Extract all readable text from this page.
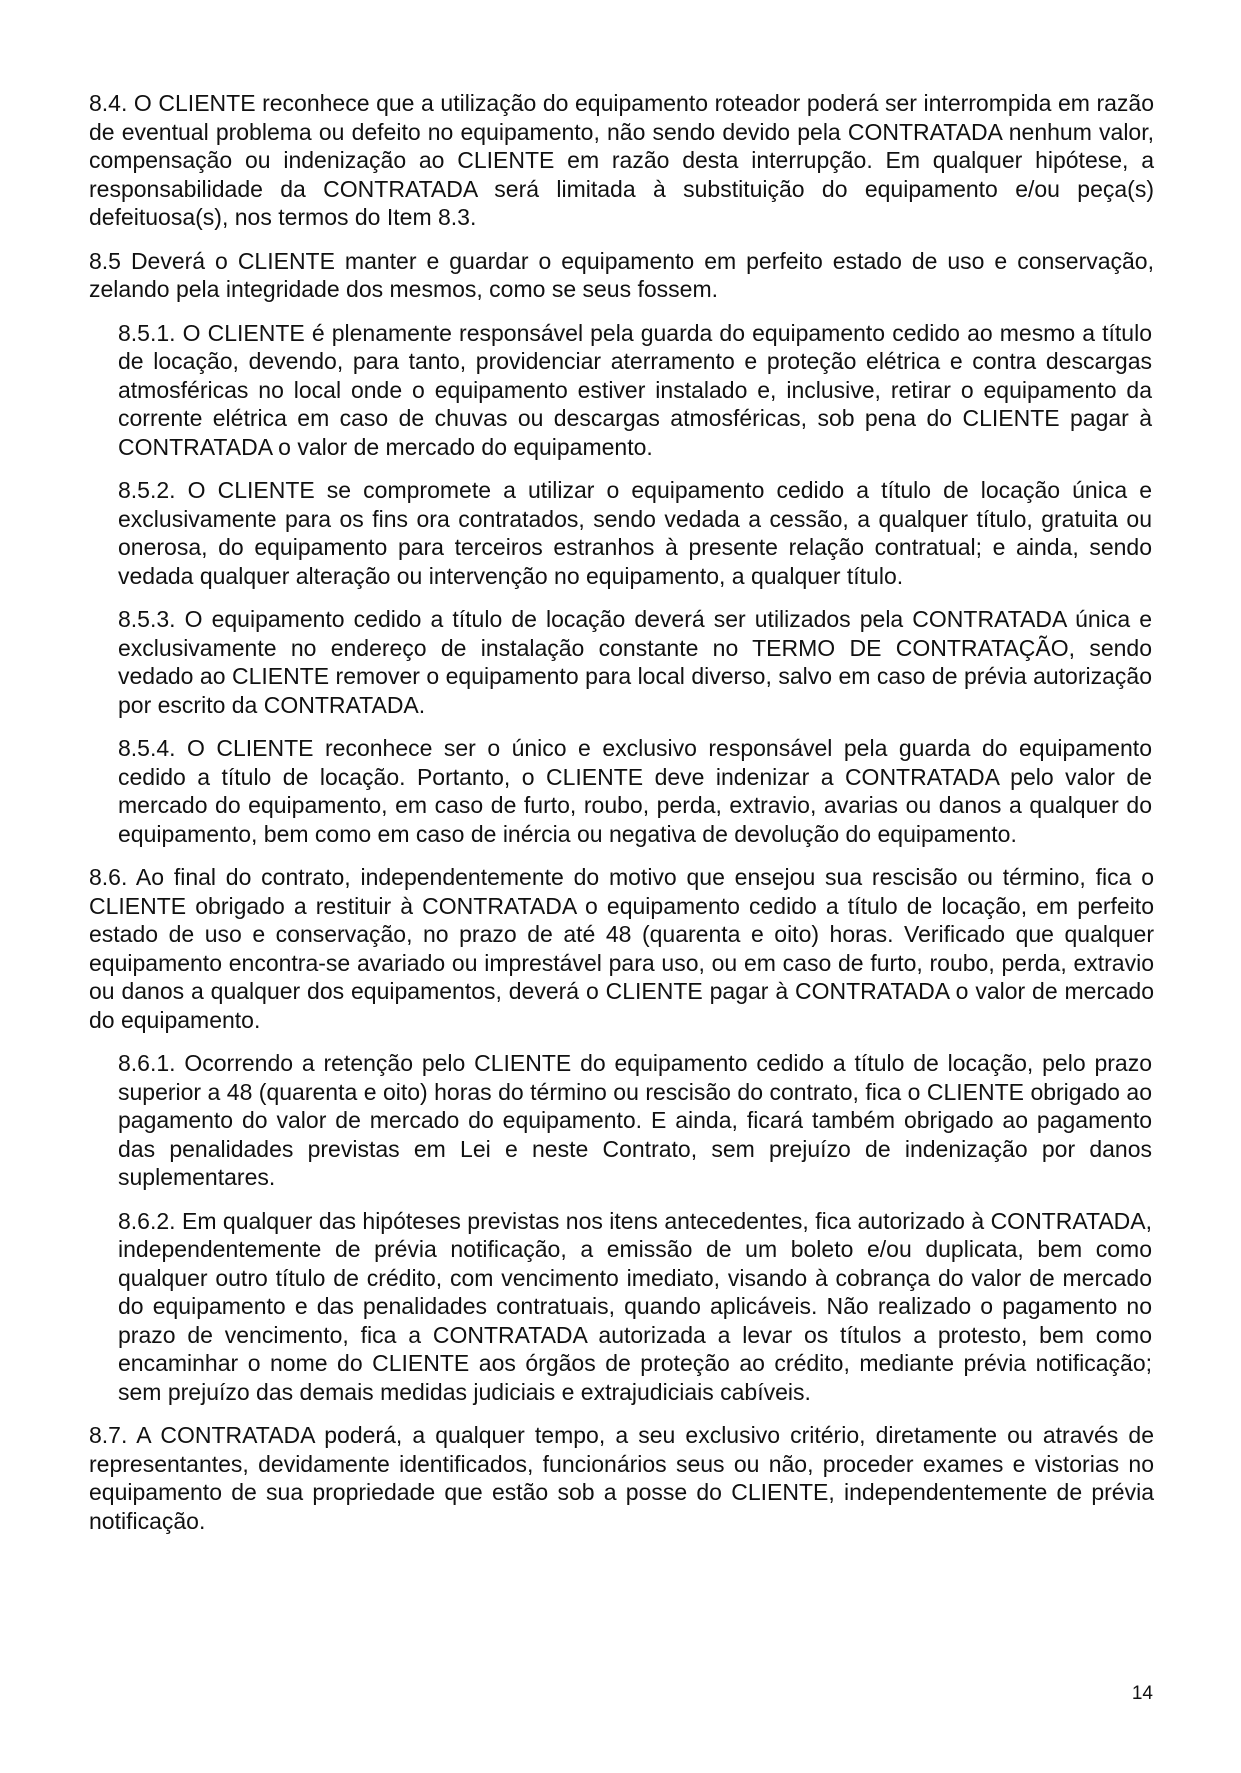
8.4. O CLIENTE reconhece que a utilização do equipamento roteador poderá ser interrompida em razão de eventual problema ou defeito no equipamento, não sendo devido pela CONTRATADA nenhum valor, compensação ou indenização ao CLIENTE em razão desta interrupção. Em qualquer hipótese, a responsabilidade da CONTRATADA será limitada à substituição do equipamento e/ou peça(s) defeituosa(s), nos termos do Item 8.3.

8.5 Deverá o CLIENTE manter e guardar o equipamento em perfeito estado de uso e conservação, zelando pela integridade dos mesmos, como se seus fossem.

8.5.1. O CLIENTE é plenamente responsável pela guarda do equipamento cedido ao mesmo a título de locação, devendo, para tanto, providenciar aterramento e proteção elétrica e contra descargas atmosféricas no local onde o equipamento estiver instalado e, inclusive, retirar o equipamento da corrente elétrica em caso de chuvas ou descargas atmosféricas, sob pena do CLIENTE pagar à CONTRATADA o valor de mercado do equipamento.

8.5.2. O CLIENTE se compromete a utilizar o equipamento cedido a título de locação única e exclusivamente para os fins ora contratados, sendo vedada a cessão, a qualquer título, gratuita ou onerosa, do equipamento para terceiros estranhos à presente relação contratual; e ainda, sendo vedada qualquer alteração ou intervenção no equipamento, a qualquer título.

8.5.3. O equipamento cedido a título de locação deverá ser utilizados pela CONTRATADA única e exclusivamente no endereço de instalação constante no TERMO DE CONTRATAÇÃO, sendo vedado ao CLIENTE remover o equipamento para local diverso, salvo em caso de prévia autorização por escrito da CONTRATADA.

8.5.4. O CLIENTE reconhece ser o único e exclusivo responsável pela guarda do equipamento cedido a título de locação. Portanto, o CLIENTE deve indenizar a CONTRATADA pelo valor de mercado do equipamento, em caso de furto, roubo, perda, extravio, avarias ou danos a qualquer do equipamento, bem como em caso de inércia ou negativa de devolução do equipamento.

8.6. Ao final do contrato, independentemente do motivo que ensejou sua rescisão ou término, fica o CLIENTE obrigado a restituir à CONTRATADA o equipamento cedido a título de locação, em perfeito estado de uso e conservação, no prazo de até 48 (quarenta e oito) horas. Verificado que qualquer equipamento encontra-se avariado ou imprestável para uso, ou em caso de furto, roubo, perda, extravio ou danos a qualquer dos equipamentos, deverá o CLIENTE pagar à CONTRATADA o valor de mercado do equipamento.

8.6.1. Ocorrendo a retenção pelo CLIENTE do equipamento cedido a título de locação, pelo prazo superior a 48 (quarenta e oito) horas do término ou rescisão do contrato, fica o CLIENTE obrigado ao pagamento do valor de mercado do equipamento. E ainda, ficará também obrigado ao pagamento das penalidades previstas em Lei e neste Contrato, sem prejuízo de indenização por danos suplementares.

8.6.2. Em qualquer das hipóteses previstas nos itens antecedentes, fica autorizado à CONTRATADA, independentemente de prévia notificação, a emissão de um boleto e/ou duplicata, bem como qualquer outro título de crédito, com vencimento imediato, visando à cobrança do valor de mercado do equipamento e das penalidades contratuais, quando aplicáveis. Não realizado o pagamento no prazo de vencimento, fica a CONTRATADA autorizada a levar os títulos a protesto, bem como encaminhar o nome do CLIENTE aos órgãos de proteção ao crédito, mediante prévia notificação; sem prejuízo das demais medidas judiciais e extrajudiciais cabíveis.

8.7. A CONTRATADA poderá, a qualquer tempo, a seu exclusivo critério, diretamente ou através de representantes, devidamente identificados, funcionários seus ou não, proceder exames e vistorias no equipamento de sua propriedade que estão sob a posse do CLIENTE, independentemente de prévia notificação.

14
